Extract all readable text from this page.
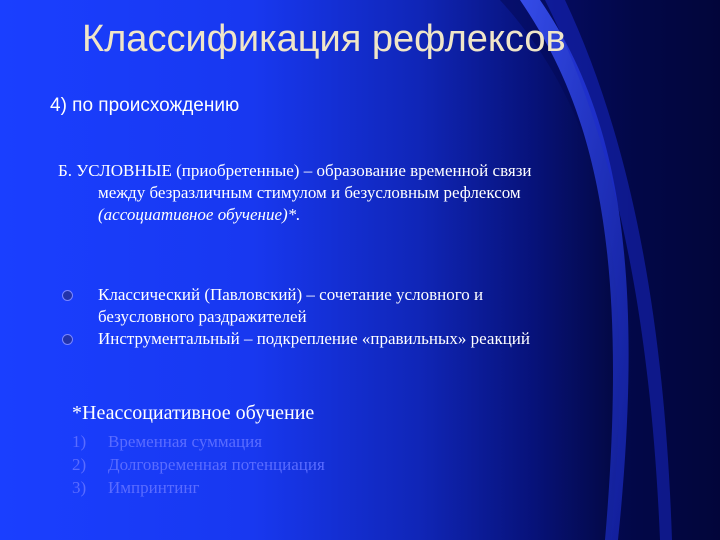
Классификация рефлексов
4) по происхождению
Б. УСЛОВНЫЕ (приобретенные) – образование временной связи
между безразличным стимулом и безусловным рефлексом
(ассоциативное обучение)*.
Классический (Павловский) – сочетание условного и
безусловного раздражителей
Инструментальный – подкрепление «правильных» реакций
*Неассоциативное обучение
1) Временная суммация
2) Долговременная потенциация
3) Импринтинг
